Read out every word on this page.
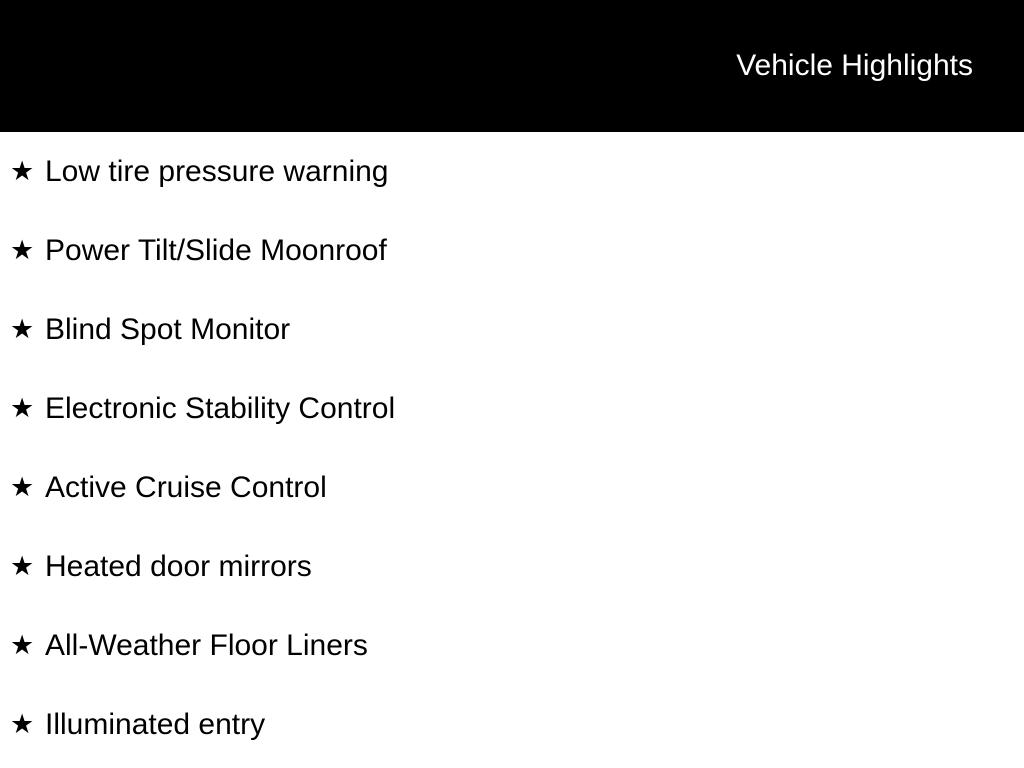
Vehicle Highlights
★ Low tire pressure warning
★ Power Tilt/Slide Moonroof
★ Blind Spot Monitor
★ Electronic Stability Control
★ Active Cruise Control
★ Heated door mirrors
★ All-Weather Floor Liners
★ Illuminated entry
